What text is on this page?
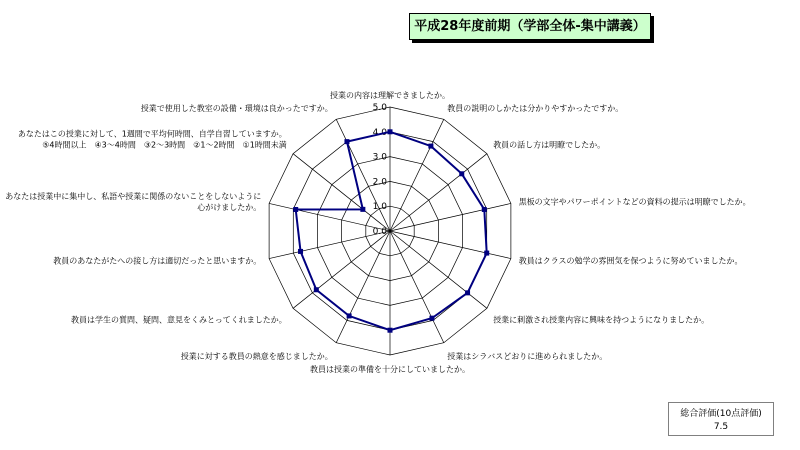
平成28年度前期（学部全体-集中講義）
0.0
1.0
2.0
3.0
4.0
5.0
授業の内容は理解できましたか。
教員の説明のしかたは分かりやすかったですか。
教員の話し方は明瞭でしたか。
黒板の文字やパワーポイントなどの資料の提示は明瞭でしたか。
教員はクラスの勉学の雰囲気を保つように努めていましたか。
授業に刺激され授業内容に興味を持つようになりましたか。
授業はシラバスどおりに進められましたか。
教員は授業の準備を十分にしていましたか。
授業に対する教員の熱意を感じましたか。
教員は学生の質問、疑問、意見をくみとってくれましたか。
教員のあなたがたへの接し方は適切だったと思いますか。
あなたは授業中に集中し、私語や授業に関係のないことをしないように
心がけましたか。
あなたはこの授業に対して、1週間で平均何時間、自学自習していますか。
⑤4時間以上　④3～4時間　③2～3時間　②1～2時間　①1時間未満
授業で使用した教室の設備・環境は良かったですか。
総合評価(10点評価)
7.5
